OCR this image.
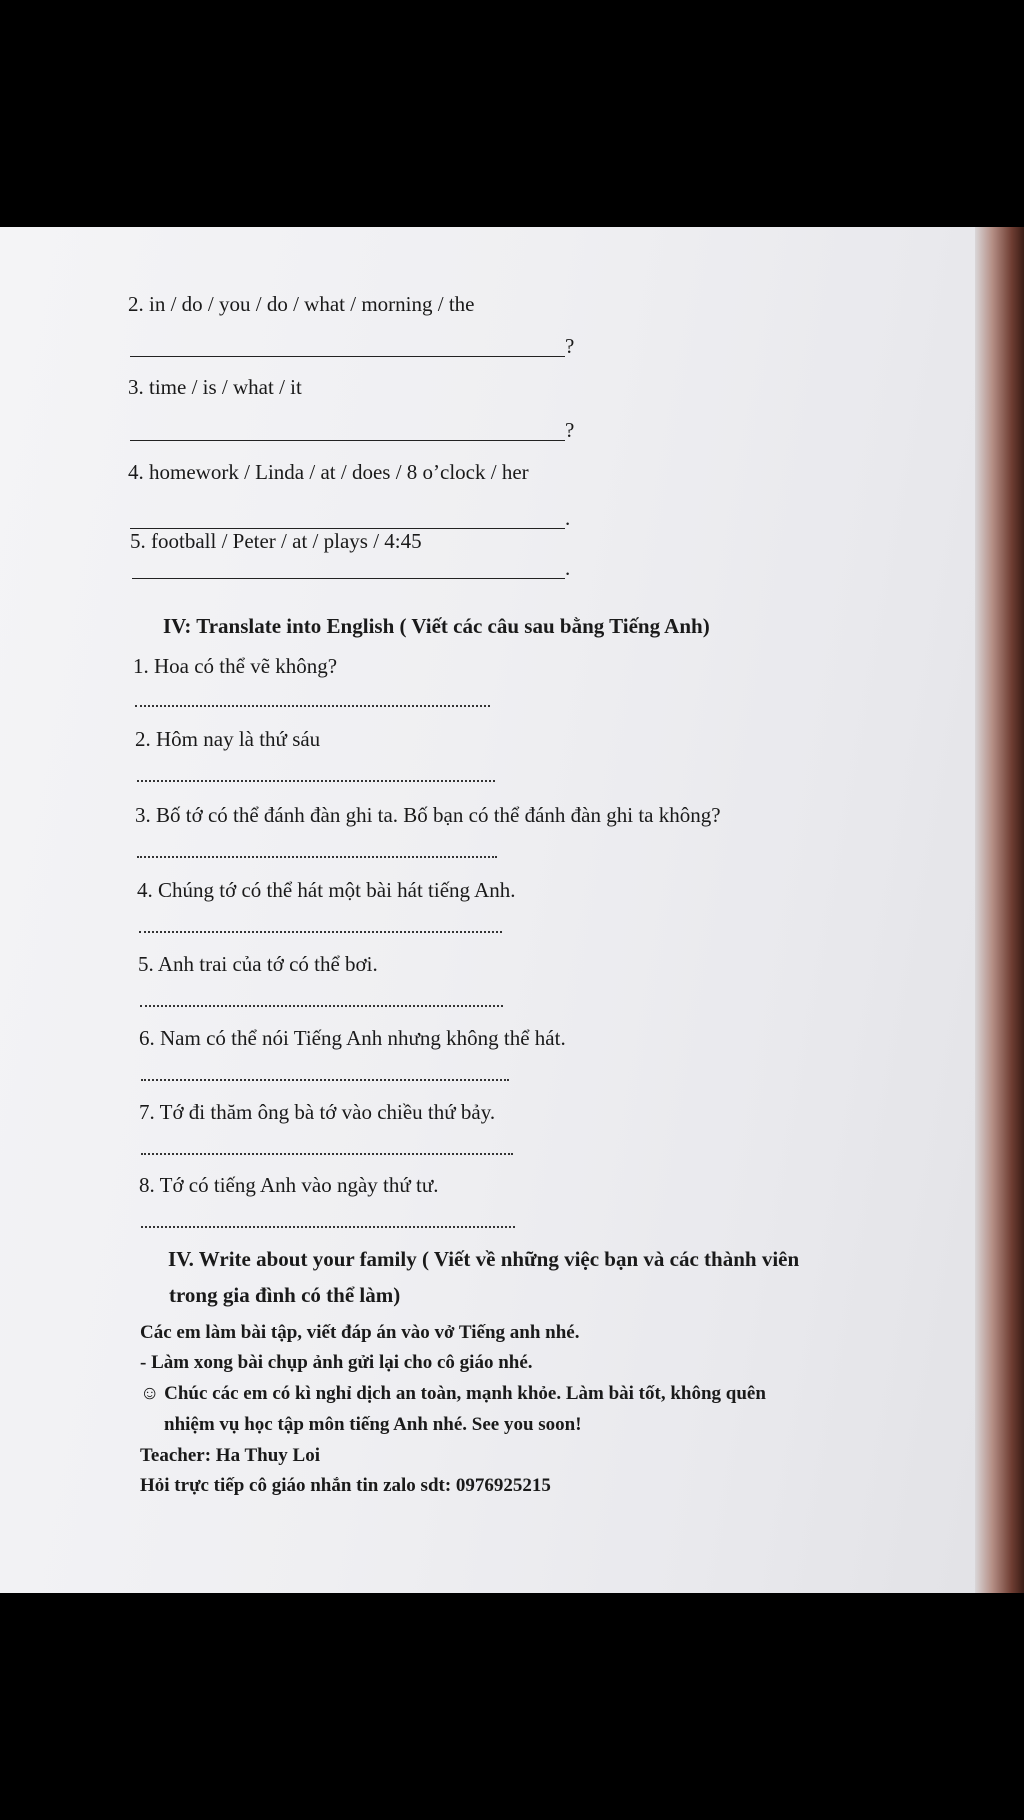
2. in / do / you / do / what / morning / the
?
3. time / is / what / it
?
4. homework / Linda / at / does / 8 o’clock / her
.
5. football / Peter / at / plays / 4:45
.
IV: Translate into English ( Viết các câu sau bằng Tiếng Anh)
1. Hoa có thể vẽ không?
2. Hôm nay là thứ sáu
3. Bố tớ có thể đánh đàn ghi ta. Bố bạn có thể đánh đàn ghi ta không?
4. Chúng tớ có thể hát một bài hát tiếng Anh.
5. Anh trai của tớ có thể bơi.
6. Nam có thể nói Tiếng Anh nhưng không thể hát.
7. Tớ đi thăm ông bà tớ vào chiều thứ bảy.
8. Tớ có tiếng Anh vào ngày thứ tư.
IV. Write about your family ( Viết về những việc bạn và các thành viên
trong gia đình có thể làm)
Các em làm bài tập, viết đáp án vào vở Tiếng anh nhé.
- Làm xong bài chụp ảnh gửi lại cho cô giáo nhé.
☺ Chúc các em có kì nghỉ dịch an toàn, mạnh khỏe. Làm bài tốt, không quên
nhiệm vụ học tập môn tiếng Anh nhé. See you soon!
Teacher: Ha Thuy Loi
Hỏi trực tiếp cô giáo nhắn tin zalo sdt: 0976925215
